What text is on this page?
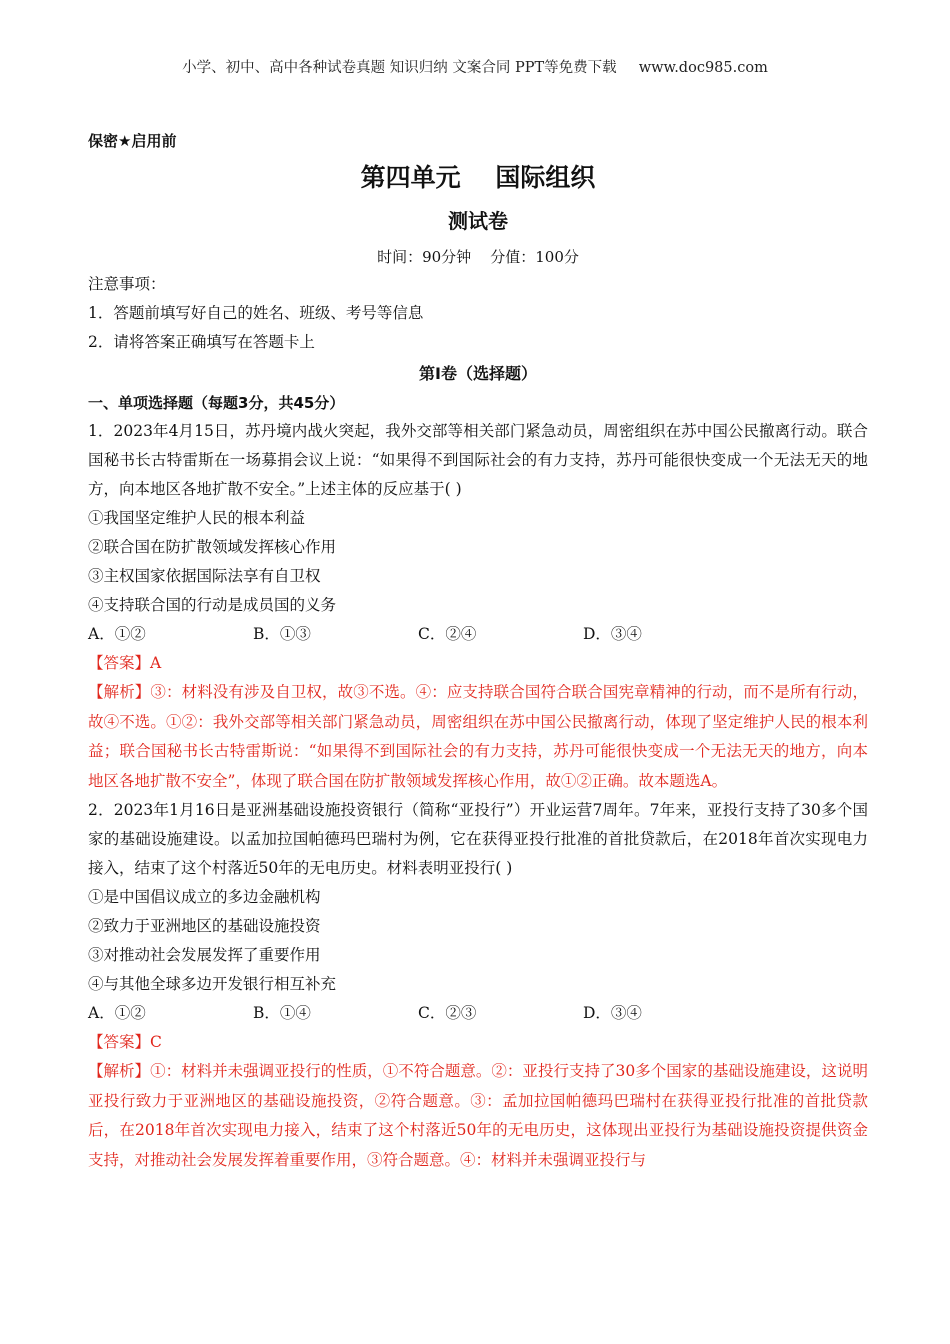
小学、初中、高中各种试卷真题 知识归纳 文案合同 PPT等免费下载 www.doc985.com
保密★启用前
第四单元    国际组织
测试卷
时间：90分钟    分值：100分
注意事项：
1．答题前填写好自己的姓名、班级、考号等信息
2．请将答案正确填写在答题卡上
第I卷（选择题）
一、单项选择题（每题3分，共45分）
1．2023年4月15日，苏丹境内战火突起，我外交部等相关部门紧急动员，周密组织在苏中国公民撤离行动。联合国秘书长古特雷斯在一场募捐会议上说：“如果得不到国际社会的有力支持，苏丹可能很快变成一个无法无天的地方，向本地区各地扩散不安全。”上述主体的反应基于( )
①我国坚定维护人民的根本利益
②联合国在防扩散领域发挥核心作用
③主权国家依据国际法享有自卫权
④支持联合国的行动是成员国的义务
A．①②	B．①③	C．②④	D．③④
【答案】A
【解析】③：材料没有涉及自卫权，故③不选。④：应支持联合国符合联合国宪章精神的行动，而不是所有行动，故④不选。①②：我外交部等相关部门紧急动员，周密组织在苏中国公民撤离行动，体现了坚定维护人民的根本利益；联合国秘书长古特雷斯说：“如果得不到国际社会的有力支持，苏丹可能很快变成一个无法无天的地方，向本地区各地扩散不安全”，体现了联合国在防扩散领域发挥核心作用，故①②正确。故本题选A。
2．2023年1月16日是亚洲基础设施投资银行（简称“亚投行”）开业运营7周年。7年来，亚投行支持了30多个国家的基础设施建设。以孟加拉国帕德玛巴瑞村为例，它在获得亚投行批准的首批贷款后，在2018年首次实现电力接入，结束了这个村落近50年的无电历史。材料表明亚投行( )
①是中国倡议成立的多边金融机构
②致力于亚洲地区的基础设施投资
③对推动社会发展发挥了重要作用
④与其他全球多边开发银行相互补充
A．①②	B．①④	C．②③	D．③④
【答案】C
【解析】①：材料并未强调亚投行的性质，①不符合题意。②：亚投行支持了30多个国家的基础设施建设，这说明亚投行致力于亚洲地区的基础设施投资，②符合题意。③：孟加拉国帕德玛巴瑞村在获得亚投行批准的首批贷款后，在2018年首次实现电力接入，结束了这个村落近50年的无电历史，这体现出亚投行为基础设施投资提供资金支持，对推动社会发展发挥着重要作用，③符合题意。④：材料并未强调亚投行与
